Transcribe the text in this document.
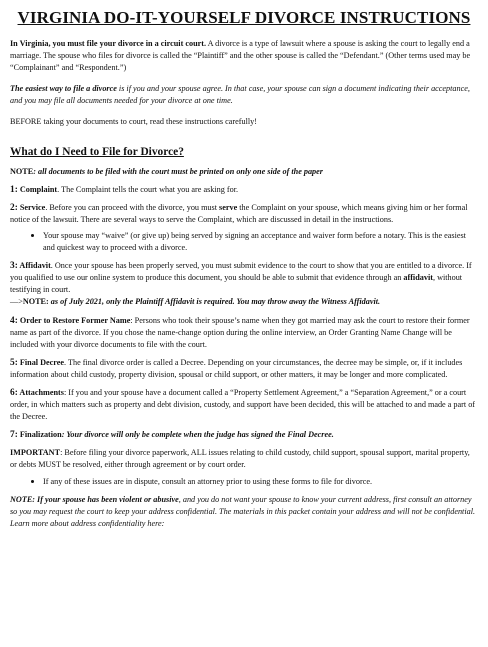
VIRGINIA DO-IT-YOURSELF DIVORCE INSTRUCTIONS

In Virginia, you must file your divorce in a circuit court. A divorce is a type of lawsuit where a spouse is asking the court to legally end a marriage. The spouse who files for divorce is called the “Plaintiff” and the other spouse is called the “Defendant.” (Other terms used may be “Complainant” and “Respondent.”)

The easiest way to file a divorce is if you and your spouse agree. In that case, your spouse can sign a document indicating their acceptance, and you may file all documents needed for your divorce at one time.

BEFORE taking your documents to court, read these instructions carefully!

What do I Need to File for Divorce?

NOTE: all documents to be filed with the court must be printed on only one side of the paper

1: Complaint. The Complaint tells the court what you are asking for.

2: Service. Before you can proceed with the divorce, you must serve the Complaint on your spouse, which means giving him or her formal notice of the lawsuit. There are several ways to serve the Complaint, which are discussed in detail in the instructions.

• Your spouse may “waive” (or give up) being served by signing an acceptance and waiver form before a notary. This is the easiest and quickest way to proceed with a divorce.

3: Affidavit. Once your spouse has been properly served, you must submit evidence to the court to show that you are entitled to a divorce. If you qualified to use our online system to produce this document, you should be able to submit that evidence through an affidavit, without testifying in court.

—>NOTE: as of July 2021, only the Plaintiff Affidavit is required. You may throw away the Witness Affidavit.

4: Order to Restore Former Name: Persons who took their spouse’s name when they got married may ask the court to restore their former name as part of the divorce. If you chose the name-change option during the online interview, an Order Granting Name Change will be included with your divorce documents to file with the court.

5: Final Decree. The final divorce order is called a Decree. Depending on your circumstances, the decree may be simple, or, if it includes information about child custody, property division, spousal or child support, or other matters, it may be longer and more complicated.

6: Attachments: If you and your spouse have a document called a “Property Settlement Agreement,” a “Separation Agreement,” or a court order, in which matters such as property and debt division, custody, and support have been decided, this will be attached to and made a part of the Decree.

7: Finalization: Your divorce will only be complete when the judge has signed the Final Decree.

IMPORTANT: Before filing your divorce paperwork, ALL issues relating to child custody, child support, spousal support, marital property, or debts MUST be resolved, either through agreement or by court order.

• If any of these issues are in dispute, consult an attorney prior to using these forms to file for divorce.

NOTE: If your spouse has been violent or abusive, and you do not want your spouse to know your current address, first consult an attorney so you may request the court to keep your address confidential. The materials in this packet contain your address and will not be confidential. Learn more about address confidentiality here:
